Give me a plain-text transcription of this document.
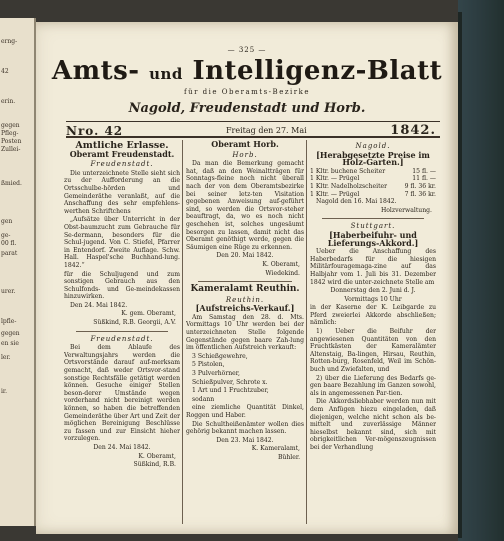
erng-
42
erin.
gegen
Pfleg-
Posten
Zullei-
ßmied.
gen
ge-
00 fl.
parat
urer.
lpfle-
gegen
en sie
ler.
ir.
— 325 —
Amts- und Intelligenz-Blatt
für die Oberamts-Bezirke
Nagold, Freudenstadt und Horb.
Nro. 42	Freitag den 27. Mai	1842.
Amtliche Erlasse.
Oberamt Freudenstadt.
Freudenstadt.
Die unterzeichnete Stelle sieht sich zu der Aufforderung an die Ortsschulbe-hörden und Gemeinderäthe veranlaßt, auf die Anschaffung des sehr empfehlens-werthen Schriftchens
„Aufsätze über Unterricht in der Obst-baumzucht zum Gebrauche für Se-dermann, besonders für die Schul-jugend. Von C. Stiefel, Pfarrer in Entendorf. Zweite Auflage. Schw. Hall. Haspel'sche Buchhand-lung. 1842.“
für die Schuljugend und zum sonstigen Gebrauch aus den Schulfonds- und Ge-meindekassen hinzuwirken.
Den 24. Mai 1842.
K. gem. Oberamt,
Süßkind, R.B. Georgii, A.V.
Freudenstadt.
Bei dem Ablaufe des Verwaltungsjahrs werden die Ortsvorstände darauf auf-merksam gemacht, daß weder Ortsvor-stand sonstige Rechtsfälle getätigt werden können. Gesuche einiger Stellen beson-derer Umstände wegen vorderhand nicht bereinigt werden können, so haben die betreffenden Gemeinderäthe über Art und Zeit der möglichen Bereinigung Beschlüsse zu fassen und zur Einsicht hieher vorzulegen.
Den 24. Mai 1842.
K. Oberamt,
Süßkind, R.B.
Oberamt Horb.
Horb.
Da man die Bemerkung gemacht hat, daß an den Weinaltträgen für Sonntags-fleine noch nicht überall nach der von dem Oberamtsbezirke bei seiner letz-ten Visitation gegebenen Anweisung auf-geführt sind, so werden die Ortsvor-steher beauftragt, da, wo es noch nicht geschehen ist, solches ungesäumt besorgen zu lassen, damit nicht das Oberamt genöthigt werde, gegen die Säumigen eine Rüge zu erkennen.
Den 20. Mai 1842.
K. Oberamt,
Wiedekind.
Kameralamt Reuthin.
Reuthin.
[Aufstreichs-Verkauf.]
Am Samstag den 28. d. Mts. Vormittags 10 Uhr werden bei der unterzeichneten Stelle folgende Gegenstände gegen baare Zah-lung im öffentlichen Aufstreich verkauft:
3 Schießgewehre,
5 Pistolen,
3 Pulverhörner,
Schießpulver, Schrote x.
1 Art und 1 Fruchtzuber,
sodann
eine ziemliche Quantität Dinkel, Roggen und Haber.
Die Schultheißenämter wollen dies gehörig bekannt machen lassen.
Den 23. Mai 1842.
K. Kameralamt,
Bühler.
Nagold.
[Herabgesetzte Preise im Holz-Garten.]
1 Kltr. buchene Scheiter	15 fl. —
1 Kltr. — Prügel	11 fl. —
1 Kltr. Nadelholzscheiter	9 fl. 36 kr.
1 Kltr. — Prügel	7 fl. 36 kr.
Nagold den 16. Mai 1842.
Holzverwaltung.
Stuttgart.
[Haberbeifuhr- und Lieferungs-Akkord.]
Ueber die Anschaffung des Haberbedarfs für die hiesigen Militärfouragemaga-zine auf das Halbjahr vom 1. Juli bis 31. Dezember 1842 wird die unter-zeichnete Stelle am
Donnerstag den 2. Juni d. J.
Vormittags 10 Uhr
in der Kaserne der K. Leibgarde zu Pferd zweierlei Akkorde abschließen; nämlich:
1) Ueber die Beifuhr der angewiesenen Quantitäten von den Fruchtkästen der Kameralämter Altenstaig, Ba-lingen, Hirsau, Reuthin, Rotten-burg, Rosenfeld, Weil im Schön-buch und Zwiefalten, und
2) über die Lieferung des Bedarfs ge-gen baare Bezahlung im Ganzen sowohl, als in angemessenen Par-tien.
Die Akkordsliebhaber werden nun mit dem Anfügen hiezu eingeladen, daß diejenigen, welche nicht schon als be-mittelt und zuverlässige Männer hieselbst bekannt sind, sich mit obrigkeitlichen Ver-mögenszeugnissen bei der Verhandlung
